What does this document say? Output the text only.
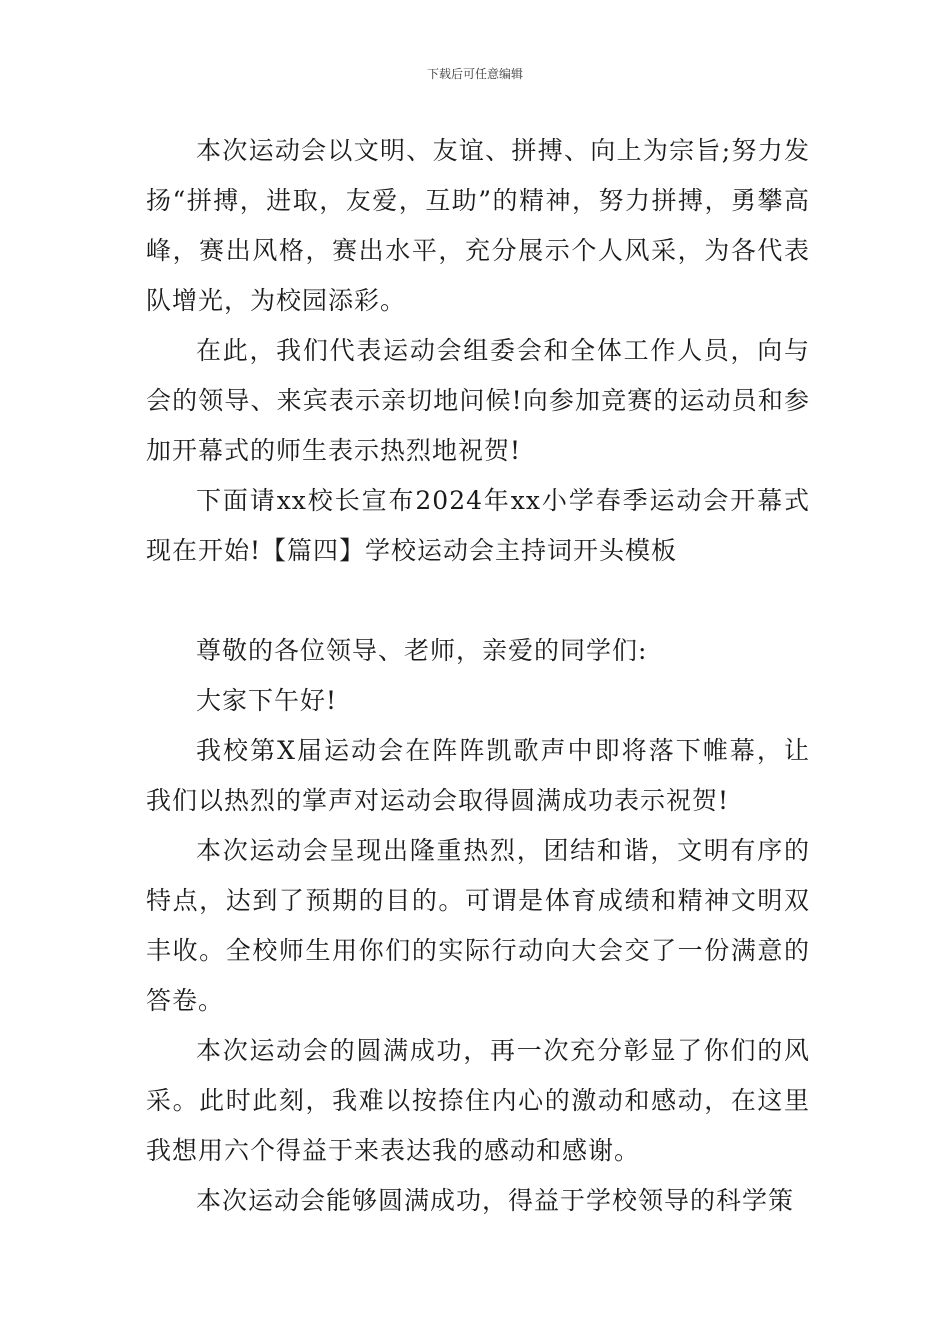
下载后可任意编辑

本次运动会以文明、友谊、拼搏、向上为宗旨;努力发扬“拼搏，进取，友爱，互助”的精神，努力拼搏，勇攀高峰，赛出风格，赛出水平，充分展示个人风采，为各代表队增光，为校园添彩。

在此，我们代表运动会组委会和全体工作人员，向与会的领导、来宾表示亲切地问候!向参加竞赛的运动员和参加开幕式的师生表示热烈地祝贺!

下面请xx校长宣布2024年xx小学春季运动会开幕式现在开始!【篇四】学校运动会主持词开头模板

尊敬的各位领导、老师，亲爱的同学们:

大家下午好!

我校第X届运动会在阵阵凯歌声中即将落下帷幕，让我们以热烈的掌声对运动会取得圆满成功表示祝贺!

本次运动会呈现出隆重热烈，团结和谐，文明有序的特点，达到了预期的目的。可谓是体育成绩和精神文明双丰收。全校师生用你们的实际行动向大会交了一份满意的答卷。

本次运动会的圆满成功，再一次充分彰显了你们的风采。此时此刻，我难以按捺住内心的激动和感动，在这里我想用六个得益于来表达我的感动和感谢。

本次运动会能够圆满成功，得益于学校领导的科学策
